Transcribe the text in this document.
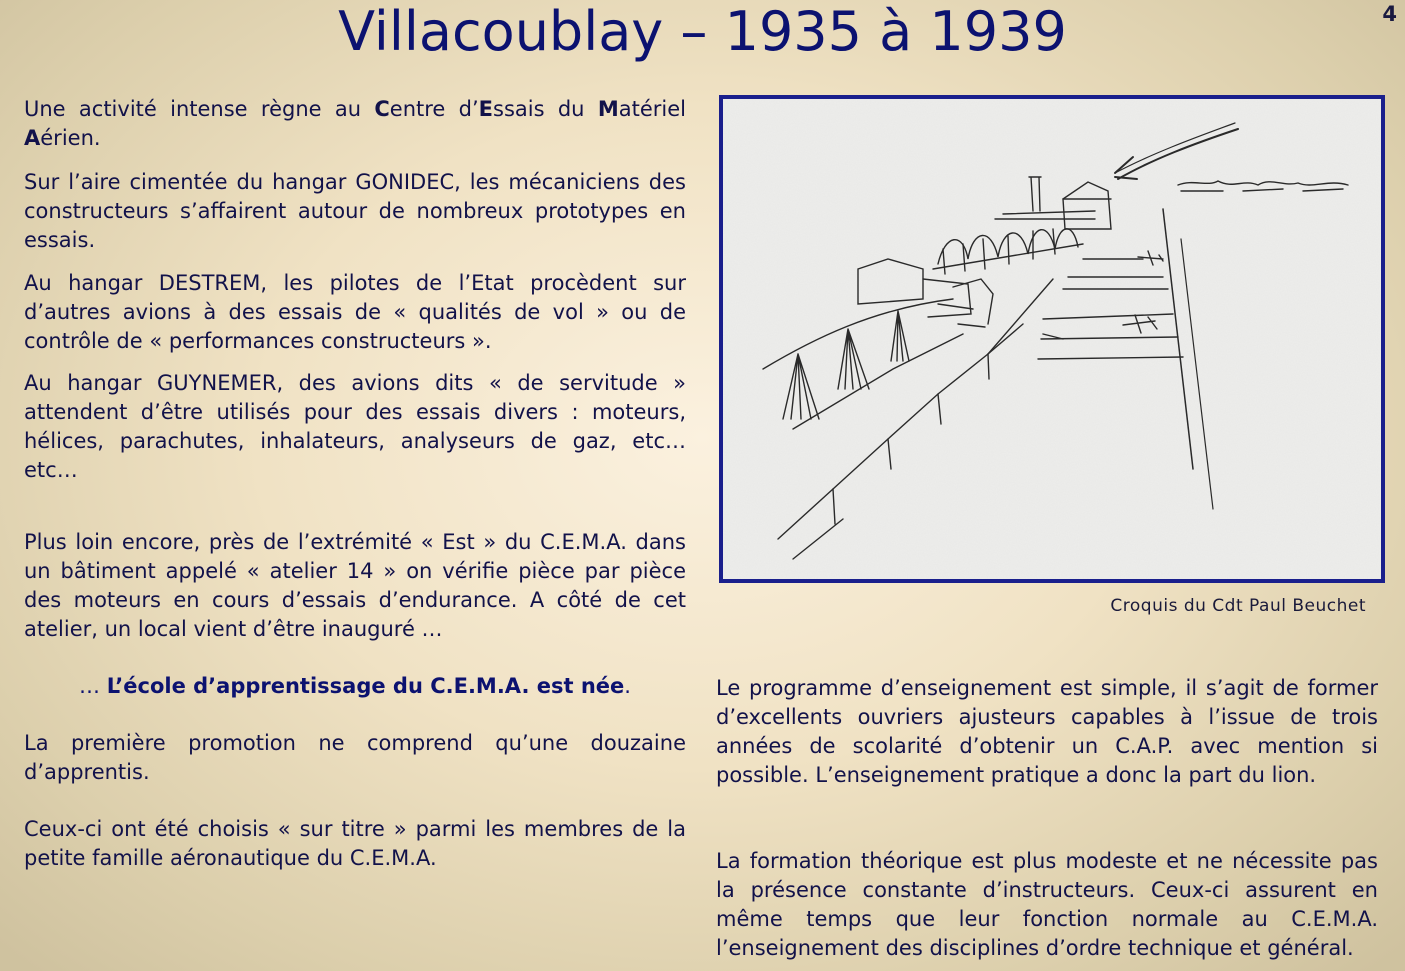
Villacoublay – 1935 à 1939	4

Une activité intense règne au Centre d’Essais du Matériel Aérien.

Sur l’aire cimentée du hangar GONIDEC, les mécaniciens des constructeurs s’affairent autour de nombreux prototypes en essais.

Au hangar DESTREM, les pilotes de l’Etat procèdent sur d’autres avions à des essais de « qualités de vol » ou de contrôle de « performances constructeurs ».

Au hangar GUYNEMER, des avions dits « de servitude » attendent d’être utilisés pour des essais divers : moteurs, hélices, parachutes, inhalateurs, analyseurs de gaz, etc… etc…

Plus loin encore, près de l’extrémité « Est » du C.E.M.A. dans un bâtiment appelé « atelier 14 » on vérifie pièce par pièce des moteurs en cours d’essais d’endurance. A côté de cet atelier, un local vient d’être inauguré …

… L’école d’apprentissage du C.E.M.A. est née.

La première promotion ne comprend qu’une douzaine d’apprentis.

Ceux-ci ont été choisis « sur titre » parmi les membres de la petite famille aéronautique du C.E.M.A.

Croquis du Cdt Paul Beuchet

Le programme d’enseignement est simple, il s’agit de former d’excellents ouvriers ajusteurs capables à l’issue de trois années de scolarité d’obtenir un C.A.P. avec mention si possible. L’enseignement pratique a donc la part du lion.

La formation théorique est plus modeste et ne nécessite pas la présence constante d’instructeurs. Ceux-ci assurent en même temps que leur fonction normale au C.E.M.A. l’enseignement des disciplines d’ordre technique et général.
